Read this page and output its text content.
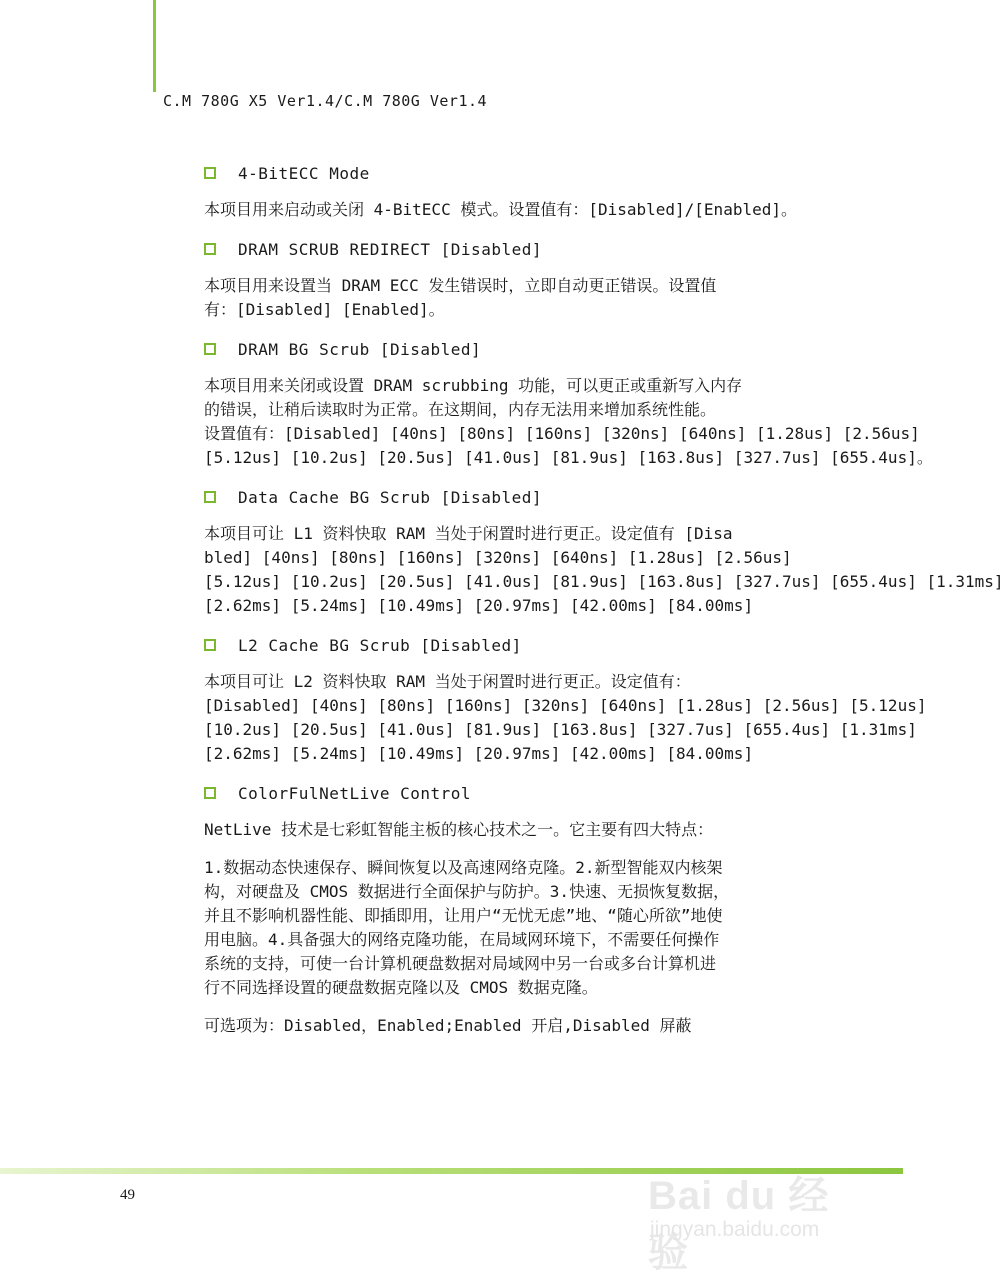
C.M 780G X5 Ver1.4/C.M 780G Ver1.4
4-BitECC Mode
本项目用来启动或关闭 4-BitECC 模式。设置值有：[Disabled]/[Enabled]。
DRAM SCRUB REDIRECT [Disabled]
本项目用来设置当 DRAM ECC 发生错误时，立即自动更正错误。设置值
有：[Disabled] [Enabled]。
DRAM BG Scrub [Disabled]
本项目用来关闭或设置 DRAM scrubbing 功能，可以更正或重新写入内存
的错误，让稍后读取时为正常。在这期间，内存无法用来增加系统性能。
设置值有：[Disabled] [40ns] [80ns] [160ns] [320ns] [640ns] [1.28us] [2.56us]
[5.12us] [10.2us] [20.5us] [41.0us] [81.9us] [163.8us] [327.7us] [655.4us]。
Data Cache BG Scrub [Disabled]
本项目可让 L1 资料快取 RAM 当处于闲置时进行更正。设定值有 [Disa
bled] [40ns] [80ns] [160ns] [320ns] [640ns] [1.28us] [2.56us]
[5.12us] [10.2us] [20.5us] [41.0us] [81.9us] [163.8us] [327.7us] [655.4us] [1.31ms]
[2.62ms] [5.24ms] [10.49ms] [20.97ms] [42.00ms] [84.00ms]
L2 Cache BG Scrub [Disabled]
本项目可让 L2 资料快取 RAM 当处于闲置时进行更正。设定值有：
[Disabled] [40ns] [80ns] [160ns] [320ns] [640ns] [1.28us] [2.56us] [5.12us]
[10.2us] [20.5us] [41.0us] [81.9us] [163.8us] [327.7us] [655.4us] [1.31ms]
[2.62ms] [5.24ms] [10.49ms] [20.97ms] [42.00ms] [84.00ms]
ColorFulNetLive Control
NetLive 技术是七彩虹智能主板的核心技术之一。它主要有四大特点：
1.数据动态快速保存、瞬间恢复以及高速网络克隆。2.新型智能双内核架
构，对硬盘及 CMOS 数据进行全面保护与防护。3.快速、无损恢复数据，
并且不影响机器性能、即插即用，让用户“无忧无虑”地、“随心所欲”地使
用电脑。4.具备强大的网络克隆功能，在局域网环境下，不需要任何操作
系统的支持，可使一台计算机硬盘数据对局域网中另一台或多台计算机进
行不同选择设置的硬盘数据克隆以及 CMOS 数据克隆。
可选项为：Disabled，Enabled;Enabled 开启,Disabled 屏蔽
49	Bai du 经验
jingyan.baidu.com
